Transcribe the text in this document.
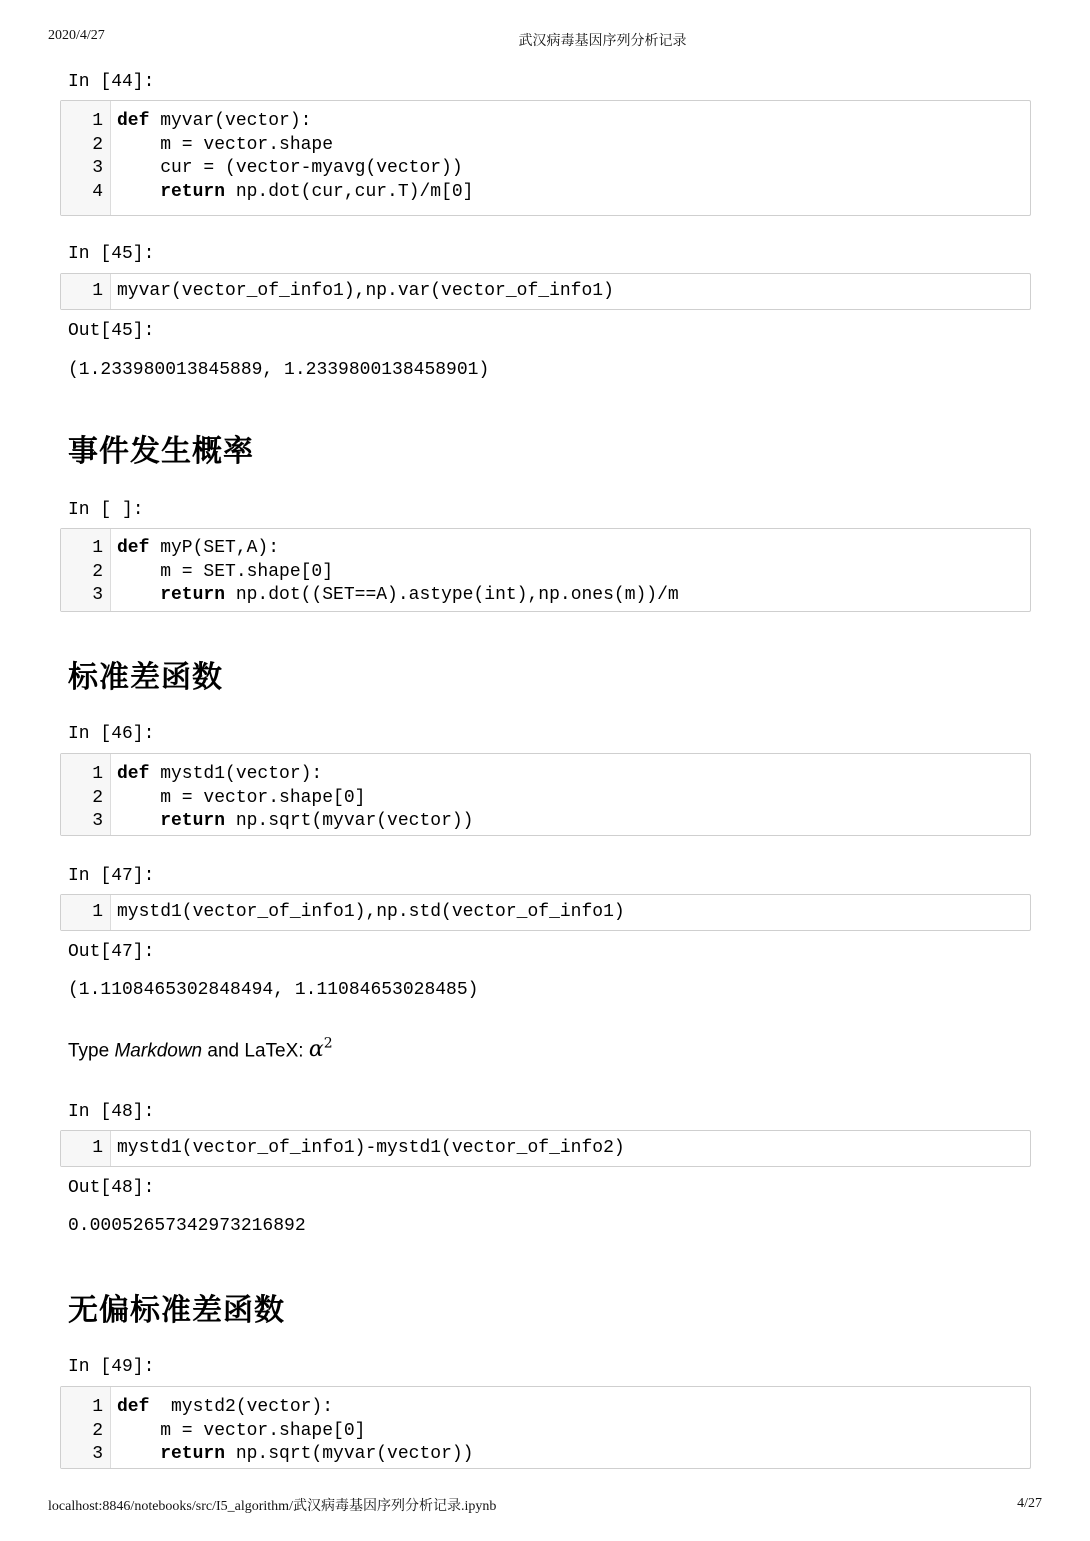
2020/4/27	武汉病毒基因序列分析记录
localhost:8846/notebooks/src/I5_algorithm/武汉病毒基因序列分析记录.ipynb	4/27
In [44]:
1 def myvar(vector):
2 m = vector.shape
3 cur = (vector-myavg(vector))
4 return np.dot(cur,cur.T)/m[0]
In [45]:
1 myvar(vector_of_info1),np.var(vector_of_info1)
Out[45]:
(1.233980013845889, 1.2339800138458901)
事件发生概率
In [ ]:
1 def myP(SET,A):
2 m = SET.shape[0]
3 return np.dot((SET==A).astype(int),np.ones(m))/m
标准差函数
In [46]:
1 def mystd1(vector):
2 m = vector.shape[0]
3 return np.sqrt(myvar(vector))
In [47]:
1 mystd1(vector_of_info1),np.std(vector_of_info1)
Out[47]:
(1.1108465302848494, 1.11084653028485)
Type Markdown and LaTeX: $\alpha^2$
In [48]:
1 mystd1(vector_of_info1)-mystd1(vector_of_info2)
Out[48]:
0.00052657342973216892
无偏标准差函数
In [49]:
1 def  mystd2(vector):
2 m = vector.shape[0]
3 return np.sqrt(myvar(vector))
